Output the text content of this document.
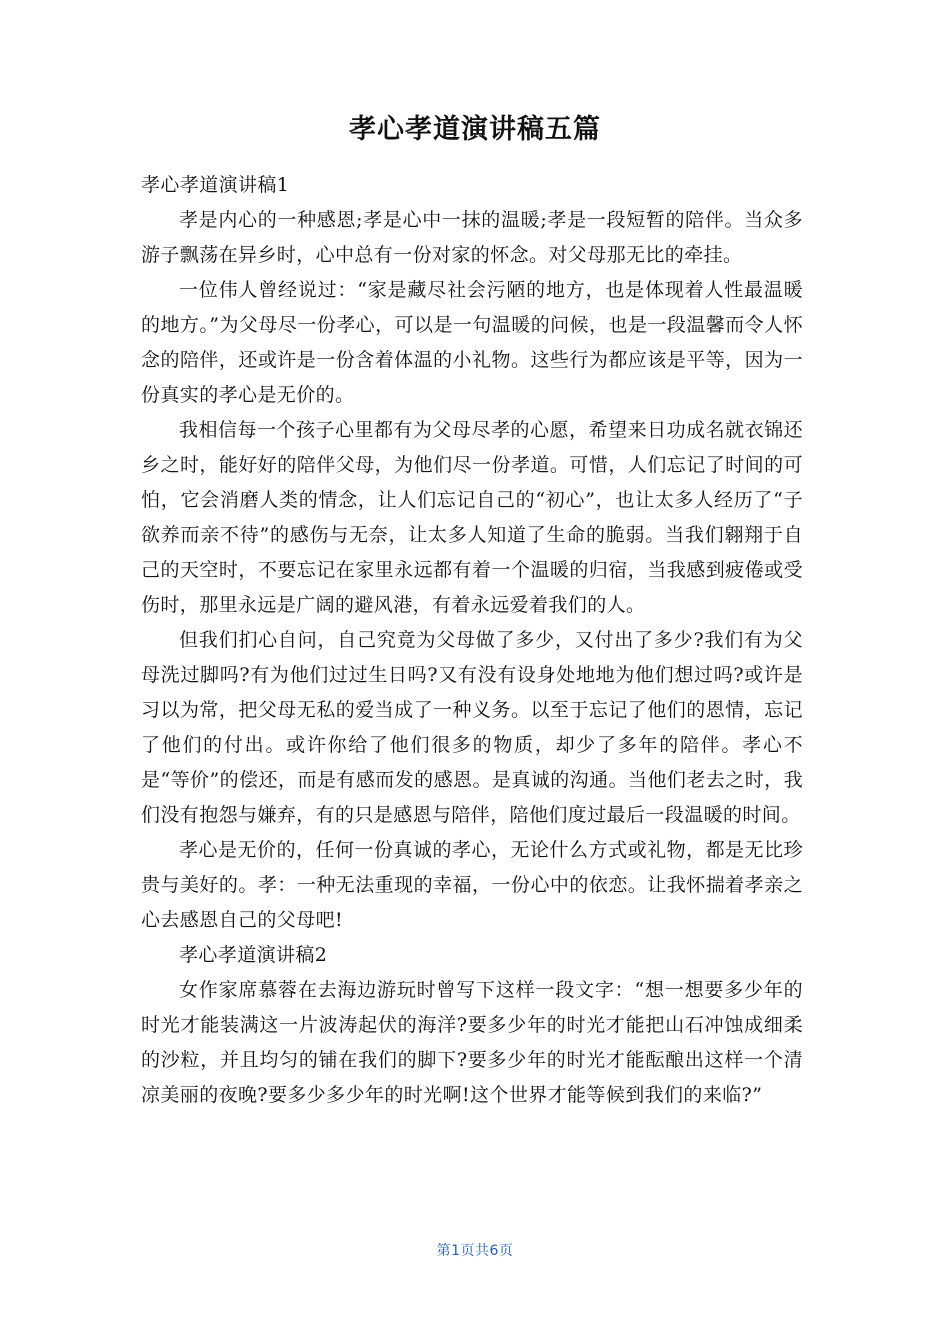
孝心孝道演讲稿五篇

孝心孝道演讲稿1

孝是内心的一种感恩;孝是心中一抹的温暖;孝是一段短暂的陪伴。当众多游子飘荡在异乡时，心中总有一份对家的怀念。对父母那无比的牵挂。

一位伟人曾经说过：“家是藏尽社会污陋的地方，也是体现着人性最温暖的地方。”为父母尽一份孝心，可以是一句温暖的问候，也是一段温馨而令人怀念的陪伴，还或许是一份含着体温的小礼物。这些行为都应该是平等，因为一份真实的孝心是无价的。

我相信每一个孩子心里都有为父母尽孝的心愿，希望来日功成名就衣锦还乡之时，能好好的陪伴父母，为他们尽一份孝道。可惜，人们忘记了时间的可怕，它会消磨人类的情念，让人们忘记自己的“初心”，也让太多人经历了“子欲养而亲不待”的感伤与无奈，让太多人知道了生命的脆弱。当我们翱翔于自己的天空时，不要忘记在家里永远都有着一个温暖的归宿，当我感到疲倦或受伤时，那里永远是广阔的避风港，有着永远爱着我们的人。

但我们扪心自问，自己究竟为父母做了多少，又付出了多少?我们有为父母洗过脚吗?有为他们过过生日吗?又有没有设身处地地为他们想过吗?或许是习以为常，把父母无私的爱当成了一种义务。以至于忘记了他们的恩情，忘记了他们的付出。或许你给了他们很多的物质，却少了多年的陪伴。孝心不是“等价”的偿还，而是有感而发的感恩。是真诚的沟通。当他们老去之时，我们没有抱怨与嫌弃，有的只是感恩与陪伴，陪他们度过最后一段温暖的时间。

孝心是无价的，任何一份真诚的孝心，无论什么方式或礼物，都是无比珍贵与美好的。孝：一种无法重现的幸福，一份心中的依恋。让我怀揣着孝亲之心去感恩自己的父母吧!

孝心孝道演讲稿2

女作家席慕蓉在去海边游玩时曾写下这样一段文字：“想一想要多少年的时光才能装满这一片波涛起伏的海洋?要多少年的时光才能把山石冲蚀成细柔的沙粒，并且均匀的铺在我们的脚下?要多少年的时光才能酝酿出这样一个清凉美丽的夜晚?要多少多少年的时光啊!这个世界才能等候到我们的来临?”

第1页共6页
